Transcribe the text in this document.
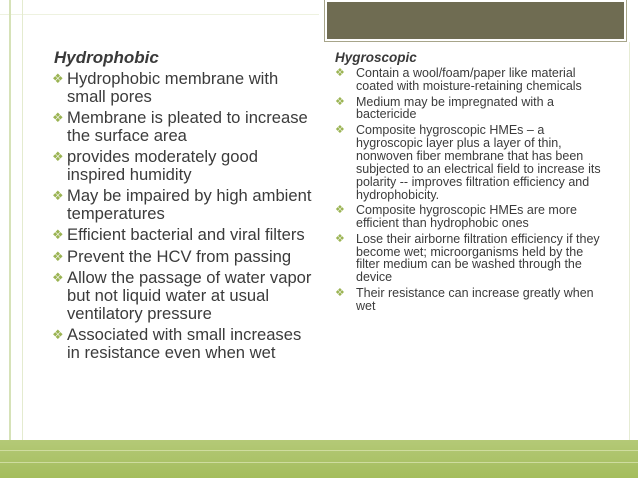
Hydrophobic
❖ Hydrophobic membrane with small pores
❖ Membrane is pleated to increase the surface area
❖ provides moderately good inspired humidity
❖ May be impaired by high ambient temperatures
❖ Efficient bacterial and viral filters
❖ Prevent the HCV from passing
❖ Allow the passage of water vapor but not liquid water at usual ventilatory pressure
❖ Associated with small increases in resistance even when wet
Hygroscopic
❖ Contain a wool/foam/paper like material coated with moisture-retaining chemicals
❖ Medium may be impregnated with a bactericide
❖ Composite hygroscopic HMEs – a hygroscopic layer plus a layer of thin, nonwoven fiber membrane that has been subjected to an electrical field to increase its polarity -- improves filtration efficiency and hydrophobicity.
❖ Composite hygroscopic HMEs are more efficient than hydrophobic ones
❖ Lose their airborne filtration efficiency if they become wet; microorganisms held by the filter medium can be washed through the device
❖ Their resistance can increase greatly when wet
